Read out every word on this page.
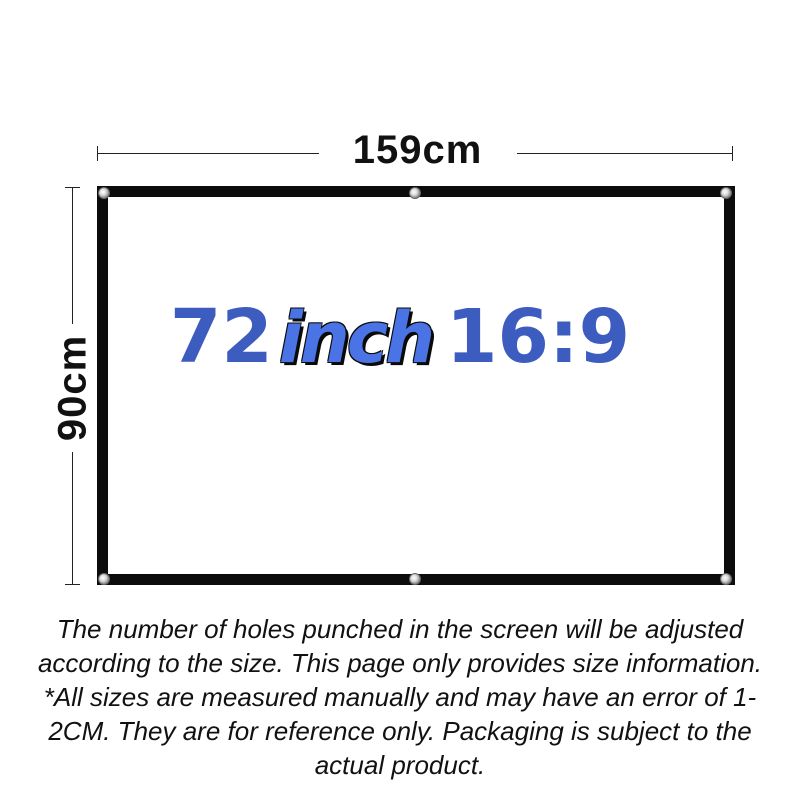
159cm
90cm	72inch 16:9

The number of holes punched in the screen will be adjusted according to the size. This page only provides size information.

*All sizes are measured manually and may have an error of 1-2CM. They are for reference only. Packaging is subject to the actual product.
